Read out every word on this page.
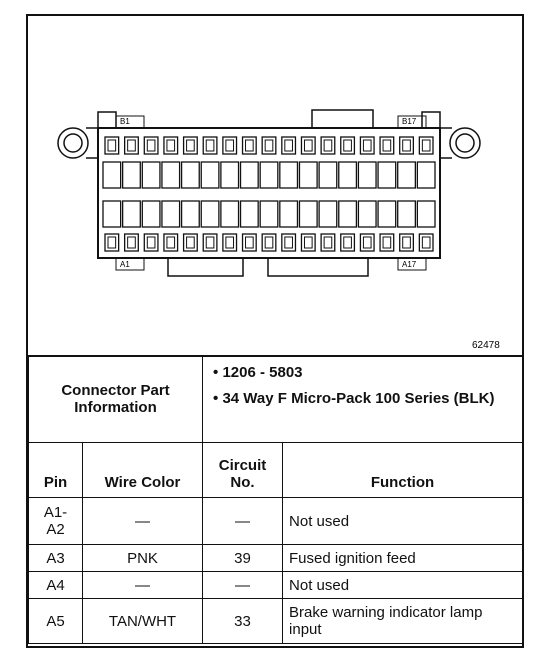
B1	B17
A1	A17
62478
Connector Part Information		• 1206 - 5803
• 34 Way F Micro-Pack 100 Series (BLK)	

Pin	Wire Color	Circuit No.	Function
A1-A2	—	—	Not used
A3	PNK	39	Fused ignition feed
A4	—	—	Not used
A5	TAN/WHT	33	Brake warning indicator lamp input
